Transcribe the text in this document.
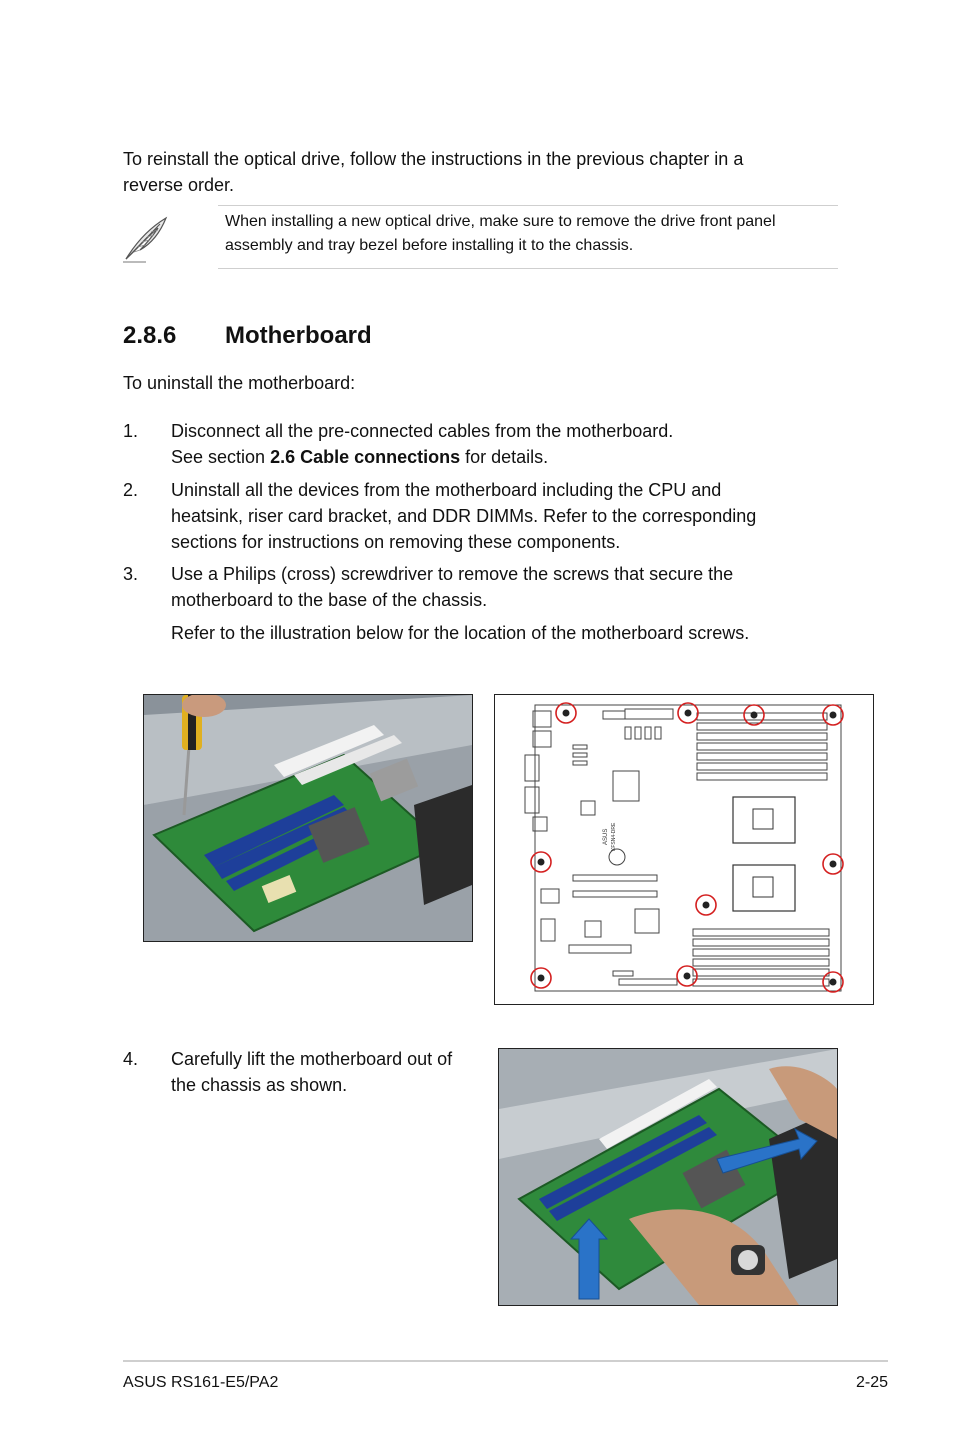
To reinstall the optical drive, follow the instructions in the previous chapter in a
reverse order.
When installing a new optical drive, make sure to remove the drive front panel
assembly and tray bezel before installing it to the chassis.
2.8.6 Motherboard
To uninstall the motherboard:
1. Disconnect all the pre-connected cables from the motherboard.
See section 2.6 Cable connections for details.
2. Uninstall all the devices from the motherboard including the CPU and
heatsink, riser card bracket, and DDR DIMMs. Refer to the corresponding
sections for instructions on removing these components.
3. Use a Philips (cross) screwdriver to remove the screws that secure the
motherboard to the base of the chassis.
Refer to the illustration below for the location of the motherboard screws.
ASUS KFSN4-DRE
4. Carefully lift the motherboard out of
the chassis as shown.
ASUS RS161-E5/PA2	2-25
